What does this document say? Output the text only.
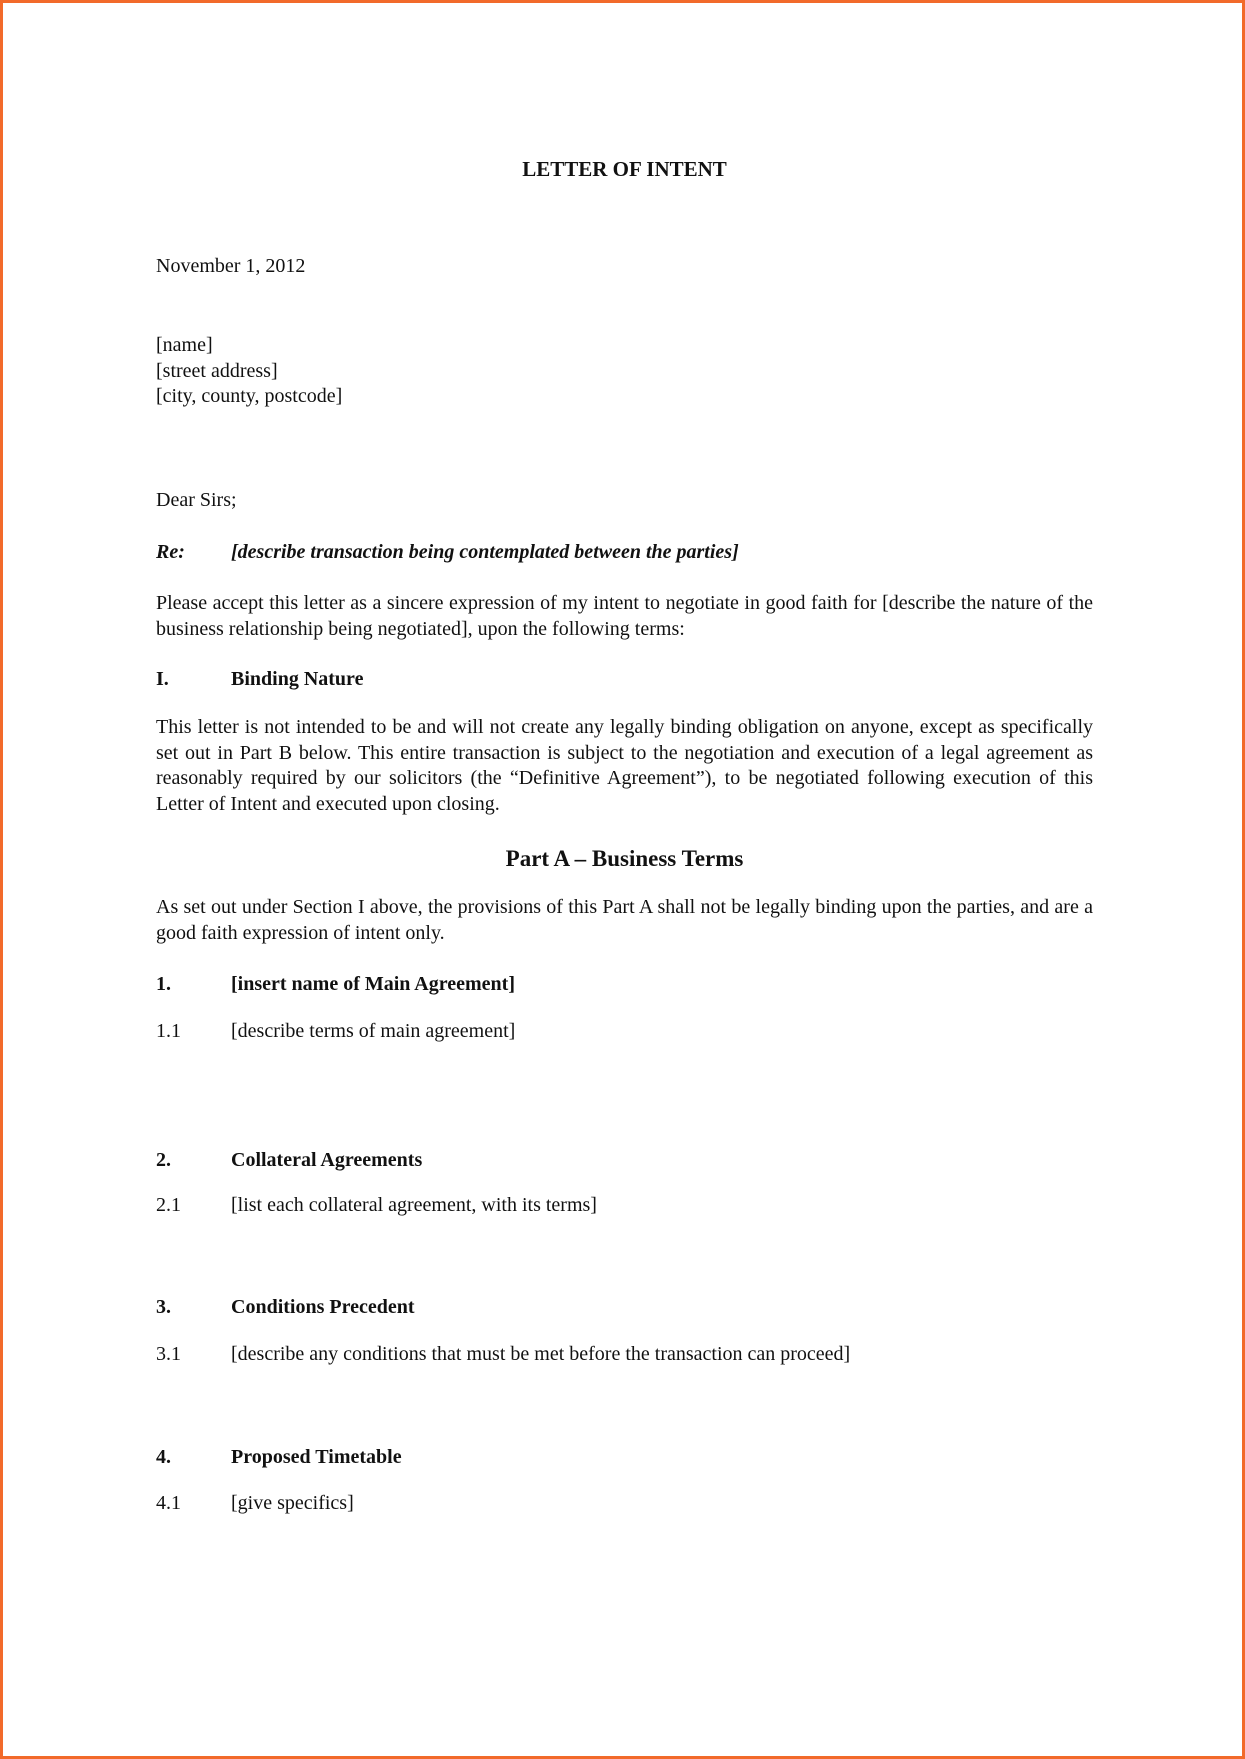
LETTER OF INTENT
November 1, 2012

[name]

[street address]

[city, county, postcode]

Dear Sirs;
Re: [describe transaction being contemplated between the parties]
Please accept this letter as a sincere expression of my intent to negotiate in good faith for [describe the nature of the business relationship being negotiated], upon the following terms:
I.	Binding Nature
This letter is not intended to be and will not create any legally binding obligation on anyone, except as specifically set out in Part B below. This entire transaction is subject to the negotiation and execution of a legal agreement as reasonably required by our solicitors (the “Definitive Agreement”), to be negotiated following execution of this Letter of Intent and executed upon closing.
Part A – Business Terms
As set out under Section I above, the provisions of this Part A shall not be legally binding upon the parties, and are a good faith expression of intent only.
1.	[insert name of Main Agreement]
1.1	[describe terms of main agreement]
2.	Collateral Agreements
2.1	[list each collateral agreement, with its terms]
3.	Conditions Precedent
3.1	[describe any conditions that must be met before the transaction can proceed]
4.	Proposed Timetable
4.1	[give specifics]
